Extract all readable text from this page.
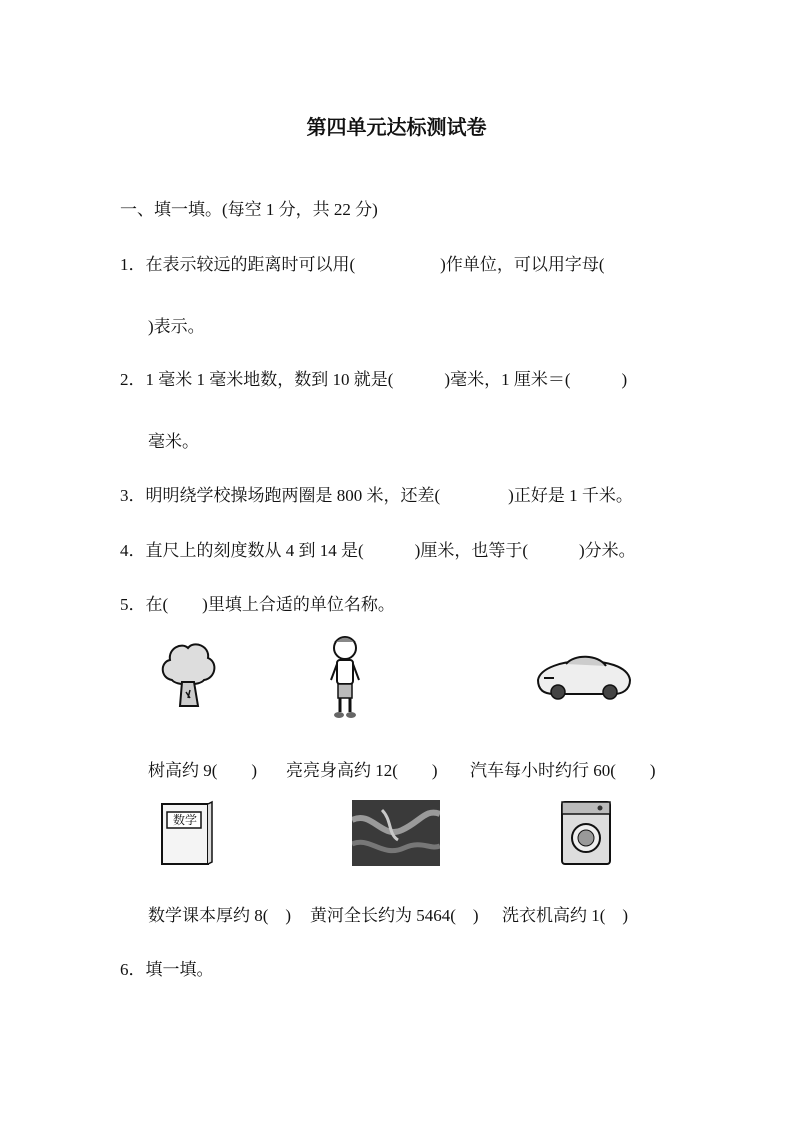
第四单元达标测试卷
一、填一填。(每空 1 分，共 22 分)
1．在表示较远的距离时可以用(　　　　　)作单位，可以用字母(
)表示。
2．1 毫米 1 毫米地数，数到 10 就是(　　　)毫米，1 厘米＝(　　　)
毫米。
3．明明绕学校操场跑两圈是 800 米，还差(　　　　)正好是 1 千米。
4．直尺上的刻度数从 4 到 14 是(　　　)厘米，也等于(　　　)分米。
5．在(　　)里填上合适的单位名称。
树高约 9(　　) 亮亮身高约 12(　　) 汽车每小时约行 60(　　)
数学
数学课本厚约 8(　) 黄河全长约为 5464(　) 洗衣机高约 1(　)
6．填一填。
